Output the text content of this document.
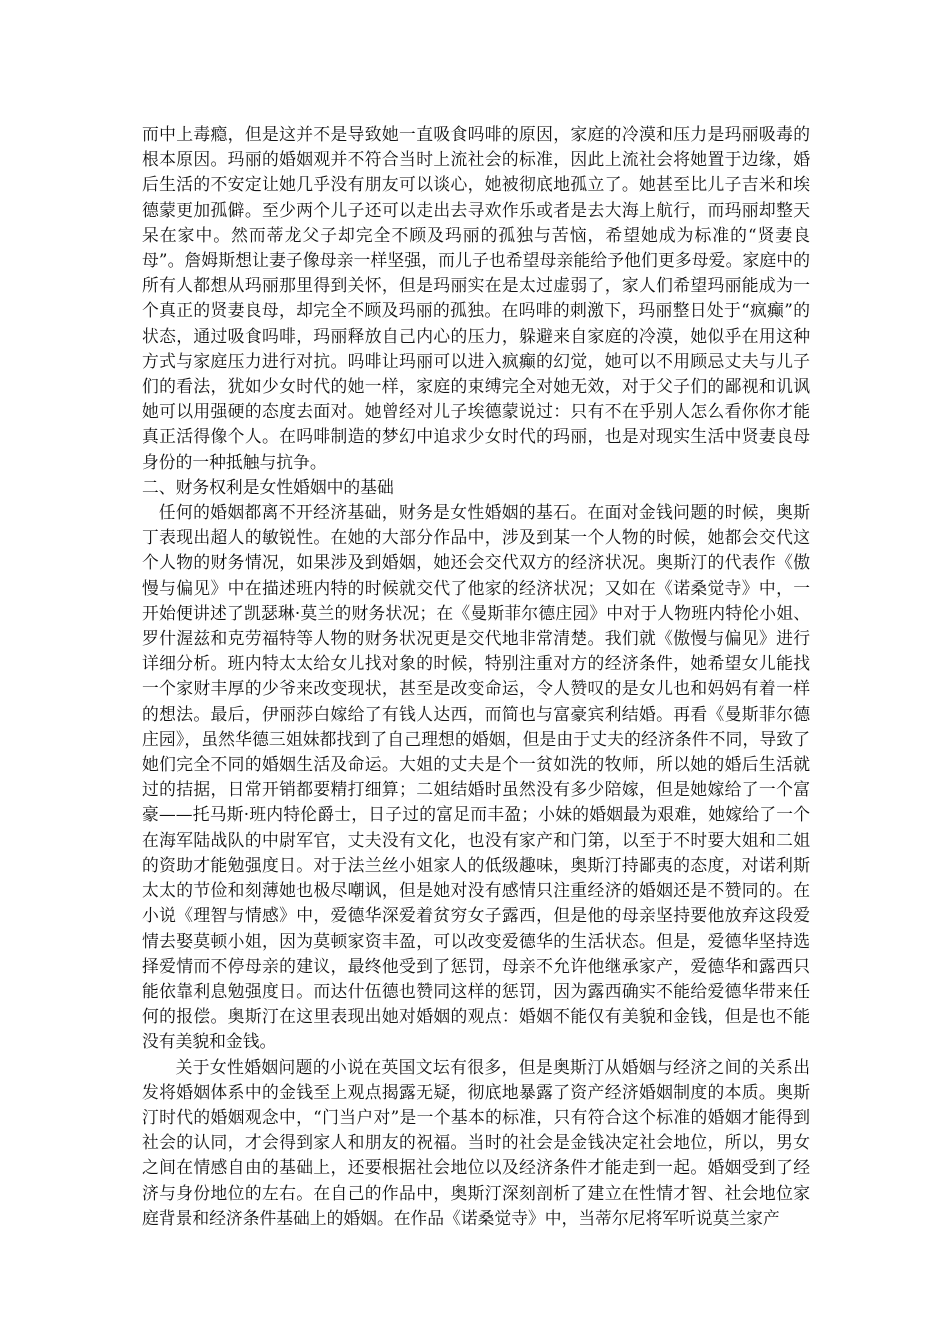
而中上毒瘾，但是这并不是导致她一直吸食吗啡的原因，家庭的冷漠和压力是玛丽吸毒的根本原因。玛丽的婚姻观并不符合当时上流社会的标准，因此上流社会将她置于边缘，婚后生活的不安定让她几乎没有朋友可以谈心，她被彻底地孤立了。她甚至比儿子吉米和埃德蒙更加孤僻。至少两个儿子还可以走出去寻欢作乐或者是去大海上航行，而玛丽却整天呆在家中。然而蒂龙父子却完全不顾及玛丽的孤独与苦恼，希望她成为标准的“贤妻良母”。詹姆斯想让妻子像母亲一样坚强，而儿子也希望母亲能给予他们更多母爱。家庭中的所有人都想从玛丽那里得到关怀，但是玛丽实在是太过虚弱了，家人们希望玛丽能成为一个真正的贤妻良母，却完全不顾及玛丽的孤独。在吗啡的刺激下，玛丽整日处于“疯癫”的状态，通过吸食吗啡，玛丽释放自己内心的压力，躲避来自家庭的冷漠，她似乎在用这种方式与家庭压力进行对抗。吗啡让玛丽可以进入疯癫的幻觉，她可以不用顾忌丈夫与儿子们的看法，犹如少女时代的她一样，家庭的束缚完全对她无效，对于父子们的鄙视和讥讽她可以用强硬的态度去面对。她曾经对儿子埃德蒙说过：只有不在乎别人怎么看你你才能真正活得像个人。在吗啡制造的梦幻中追求少女时代的玛丽，也是对现实生活中贤妻良母身份的一种抵触与抗争。

二、财务权利是女性婚姻中的基础

任何的婚姻都离不开经济基础，财务是女性婚姻的基石。在面对金钱问题的时候，奥斯丁表现出超人的敏锐性。在她的大部分作品中，涉及到某一个人物的时候，她都会交代这个人物的财务情况，如果涉及到婚姻，她还会交代双方的经济状况。奥斯汀的代表作《傲慢与偏见》中在描述班内特的时候就交代了他家的经济状况；又如在《诺桑觉寺》中，一开始便讲述了凯瑟琳·莫兰的财务状况；在《曼斯菲尔德庄园》中对于人物班内特伦小姐、罗什渥兹和克劳福特等人物的财务状况更是交代地非常清楚。我们就《傲慢与偏见》进行详细分析。班内特太太给女儿找对象的时候，特别注重对方的经济条件，她希望女儿能找一个家财丰厚的少爷来改变现状，甚至是改变命运，令人赞叹的是女儿也和妈妈有着一样的想法。最后，伊丽莎白嫁给了有钱人达西，而简也与富豪宾利结婚。再看《曼斯菲尔德庄园》，虽然华德三姐妹都找到了自己理想的婚姻，但是由于丈夫的经济条件不同，导致了她们完全不同的婚姻生活及命运。大姐的丈夫是个一贫如洗的牧师，所以她的婚后生活就过的拮据，日常开销都要精打细算；二姐结婚时虽然没有多少陪嫁，但是她嫁给了一个富豪——托马斯·班内特伦爵士，日子过的富足而丰盈；小妹的婚姻最为艰难，她嫁给了一个在海军陆战队的中尉军官，丈夫没有文化，也没有家产和门第，以至于不时要大姐和二姐的资助才能勉强度日。对于法兰丝小姐家人的低级趣味，奥斯汀持鄙夷的态度，对诺利斯太太的节俭和刻薄她也极尽嘲讽，但是她对没有感情只注重经济的婚姻还是不赞同的。在小说《理智与情感》中，爱德华深爱着贫穷女子露西，但是他的母亲坚持要他放弃这段爱情去娶莫顿小姐，因为莫顿家资丰盈，可以改变爱德华的生活状态。但是，爱德华坚持选择爱情而不停母亲的建议，最终他受到了惩罚，母亲不允许他继承家产，爱德华和露西只能依靠利息勉强度日。而达什伍德也赞同这样的惩罚，因为露西确实不能给爱德华带来任何的报偿。奥斯汀在这里表现出她对婚姻的观点：婚姻不能仅有美貌和金钱，但是也不能没有美貌和金钱。

关于女性婚姻问题的小说在英国文坛有很多，但是奥斯汀从婚姻与经济之间的关系出发将婚姻体系中的金钱至上观点揭露无疑，彻底地暴露了资产经济婚姻制度的本质。奥斯汀时代的婚姻观念中，“门当户对”是一个基本的标准，只有符合这个标准的婚姻才能得到社会的认同，才会得到家人和朋友的祝福。当时的社会是金钱决定社会地位，所以，男女之间在情感自由的基础上，还要根据社会地位以及经济条件才能走到一起。婚姻受到了经济与身份地位的左右。在自己的作品中，奥斯汀深刻剖析了建立在性情才智、社会地位家庭背景和经济条件基础上的婚姻。在作品《诺桑觉寺》中，当蒂尔尼将军听说莫兰家产
